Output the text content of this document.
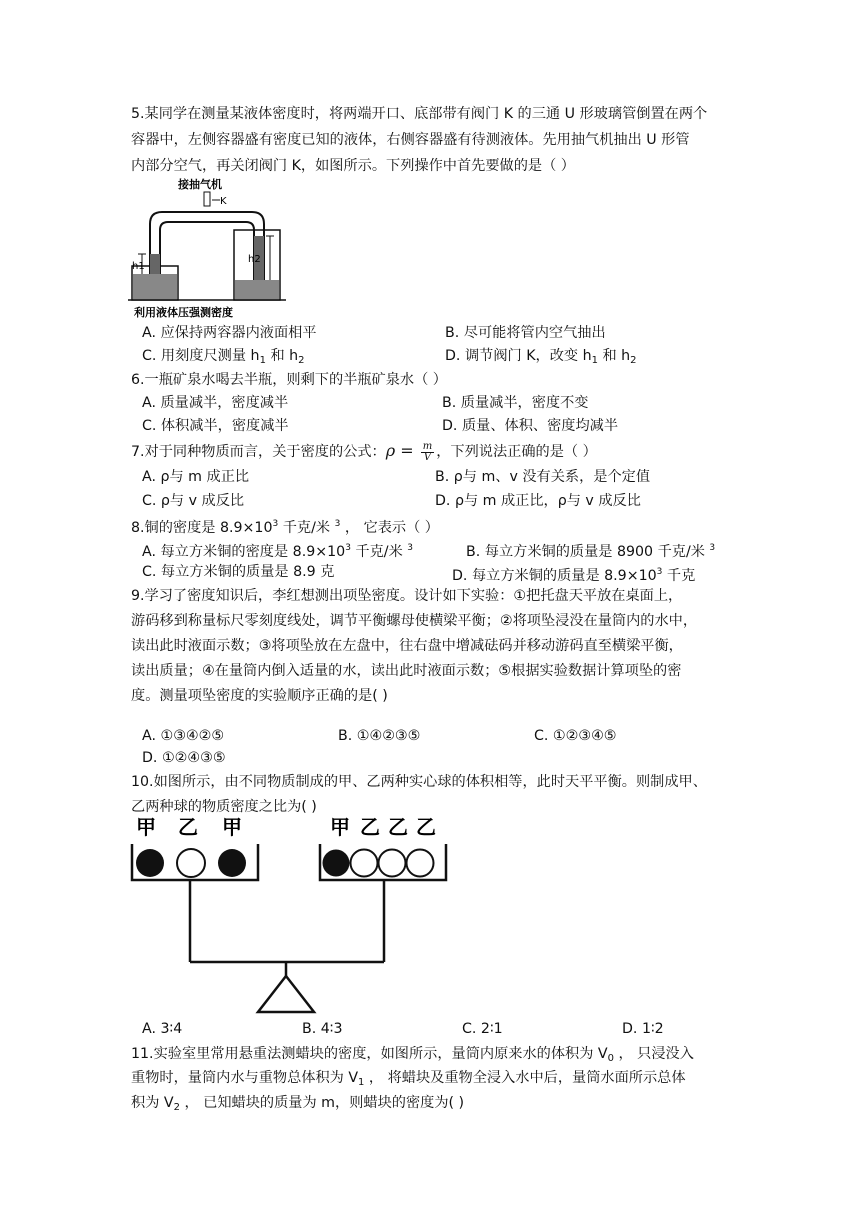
5.某同学在测量某液体密度时，将两端开口、底部带有阀门 K 的三通 U 形玻璃管倒置在两个
容器中，左侧容器盛有密度已知的液体，右侧容器盛有待测液体。先用抽气机抽出 U 形管
内部分空气，再关闭阀门 K，如图所示。下列操作中首先要做的是（ ）
接抽气机
K
h1
h2
利用液体压强测密度
A. 应保持两容器内液面相平	B. 尽可能将管内空气抽出
C. 用刻度尺测量 $h_1$ 和 $h_2$	D. 调节阀门 K，改变 $h_1$ 和 $h_2$
6.一瓶矿泉水喝去半瓶，则剩下的半瓶矿泉水（ ）
A. 质量减半，密度减半	B. 质量减半，密度不变
C. 体积减半，密度减半	D. 质量、体积、密度均减半
7.对于同种物质而言，关于密度的公式：$\rho = \frac{m}{V}$ ，下列说法正确的是（ ）
A. ρ与 m 成正比	B. ρ与 m、v 没有关系，是个定值
C. ρ与 v 成反比	D. ρ与 m 成正比，ρ与 v 成反比
8.铜的密度是 $8.9\times 10^3$ 千克/米 $^3$ ， 它表示（ ）
A. 每立方米铜的密度是 $8.9\times 10^3$ 千克/米 $^3$	B. 每立方米铜的质量是 8900 千克/米 $^3$
C. 每立方米铜的质量是 8.9 克	D. 每立方米铜的质量是 $8.9\times 10^3$ 千克
9.学习了密度知识后，李红想测出项坠密度。设计如下实验：①把托盘天平放在桌面上，
游码移到称量标尺零刻度线处，调节平衡螺母使横梁平衡；②将项坠浸没在量筒内的水中，
读出此时液面示数；③将项坠放在左盘中，往右盘中增减砝码并移动游码直至横梁平衡，
读出质量；④在量筒内倒入适量的水，读出此时液面示数；⑤根据实验数据计算项坠的密
度。测量项坠密度的实验顺序正确的是( )
A. ①③④②⑤	B. ①④②③⑤	C. ①②③④⑤
D. ①②④③⑤
10.如图所示，由不同物质制成的甲、乙两种实心球的体积相等，此时天平平衡。则制成甲、
乙两种球的物质密度之比为( )
甲 乙 甲	甲 乙 乙 乙
A. 3∶4	B. 4∶3	C. 2∶1	D. 1∶2
11.实验室里常用悬重法测蜡块的密度，如图所示，量筒内原来水的体积为 $V_0$ ， 只浸没入
重物时，量筒内水与重物总体积为 $V_1$ ， 将蜡块及重物全浸入水中后，量筒水面所示总体
积为 $V_2$ ， 已知蜡块的质量为 m，则蜡块的密度为( )
